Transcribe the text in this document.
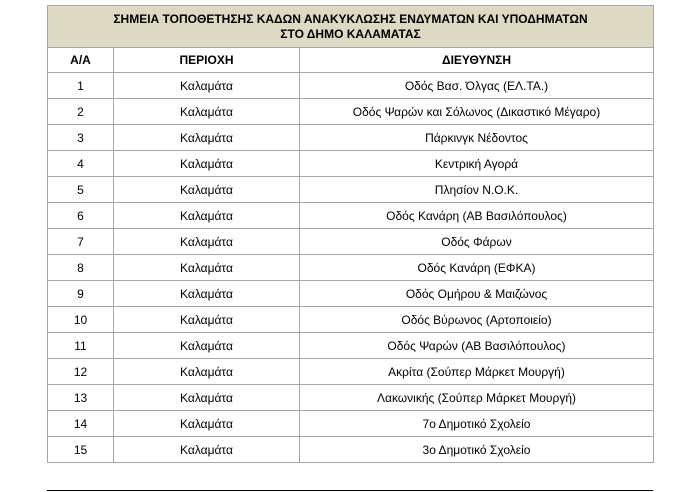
ΣΗΜΕΙΑ ΤΟΠΟΘΕΤΗΣΗΣ ΚΑΔΩΝ ΑΝΑΚΥΚΛΩΣΗΣ ΕΝΔΥΜΑΤΩΝ ΚΑΙ ΥΠΟΔΗΜΑΤΩΝ ΣΤΟ ΔΗΜΟ ΚΑΛΑΜΑΤΑΣ		
Α/Α	ΠΕΡΙΟΧΗ	ΔΙΕΥΘΥΝΣΗ
1	Καλαμάτα	Οδός Βασ. Όλγας (ΕΛ.ΤΑ.)
2	Καλαμάτα	Οδός Ψαρών και Σόλωνος (Δικαστικό Μέγαρο)
3	Καλαμάτα	Πάρκινγκ Νέδοντος
4	Καλαμάτα	Κεντρική Αγορά
5	Καλαμάτα	Πλησίον Ν.Ο.Κ.
6	Καλαμάτα	Οδός Κανάρη (ΑΒ Βασιλόπουλος)
7	Καλαμάτα	Οδός Φάρων
8	Καλαμάτα	Οδός Κανάρη (ΕΦΚΑ)
9	Καλαμάτα	Οδός Ομήρου & Μαιζώνος
10	Καλαμάτα	Οδός Βύρωνος (Αρτοποιείο)
11	Καλαμάτα	Οδός Ψαρών (ΑΒ Βασιλόπουλος)
12	Καλαμάτα	Ακρίτα (Σούπερ Μάρκετ Μουργή)
13	Καλαμάτα	Λακωνικής (Σούπερ Μάρκετ Μουργή)
14	Καλαμάτα	7ο Δημοτικό Σχολείο
15	Καλαμάτα	3ο Δημοτικό Σχολείο
